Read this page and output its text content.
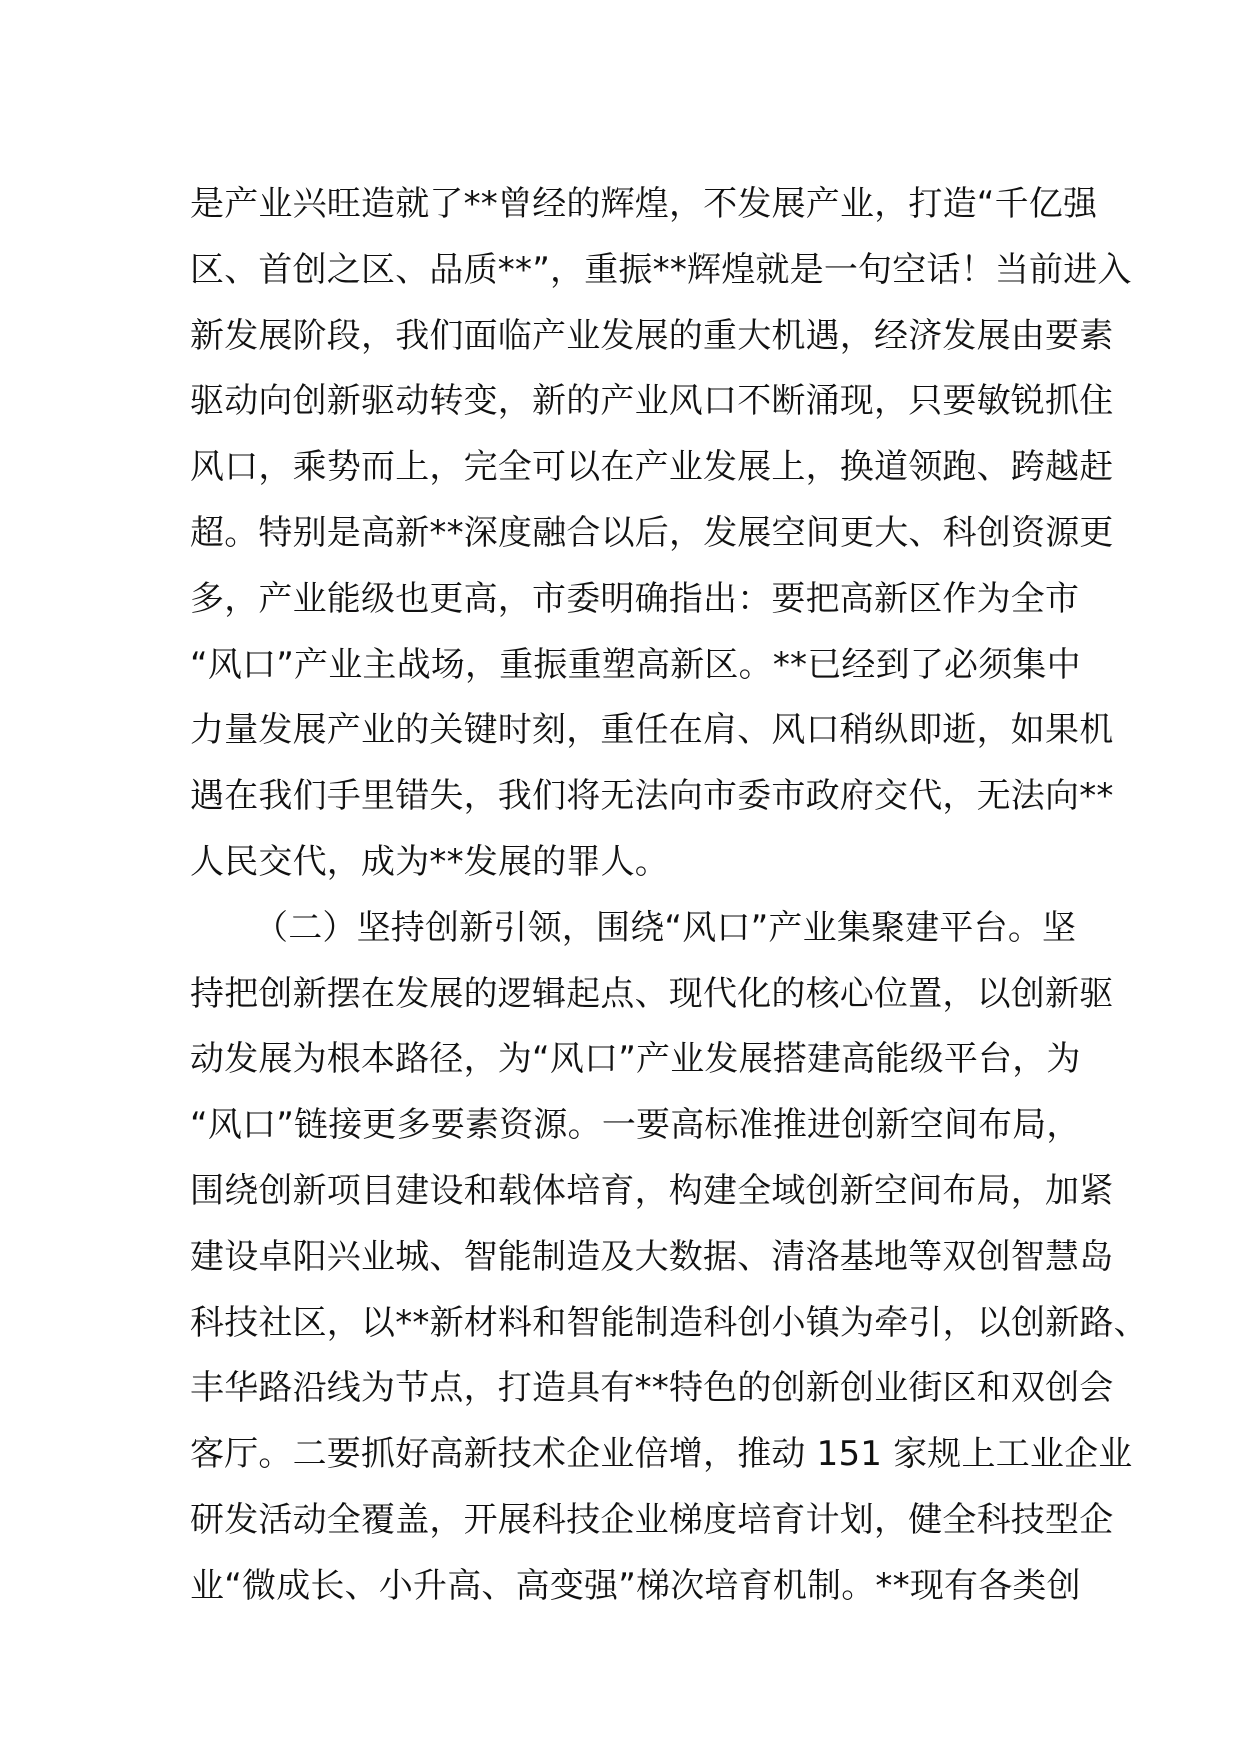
是产业兴旺造就了**曾经的辉煌，不发展产业，打造“千亿强
区、首创之区、品质**”，重振**辉煌就是一句空话！当前进入
新发展阶段，我们面临产业发展的重大机遇，经济发展由要素
驱动向创新驱动转变，新的产业风口不断涌现，只要敏锐抓住
风口，乘势而上，完全可以在产业发展上，换道领跑、跨越赶
超。特别是高新**深度融合以后，发展空间更大、科创资源更
多，产业能级也更高，市委明确指出：要把高新区作为全市
“风口”产业主战场，重振重塑高新区。**已经到了必须集中
力量发展产业的关键时刻，重任在肩、风口稍纵即逝，如果机
遇在我们手里错失，我们将无法向市委市政府交代，无法向**
人民交代，成为**发展的罪人。
（二）坚持创新引领，围绕“风口”产业集聚建平台。坚
持把创新摆在发展的逻辑起点、现代化的核心位置，以创新驱
动发展为根本路径，为“风口”产业发展搭建高能级平台，为
“风口”链接更多要素资源。一要高标准推进创新空间布局，
围绕创新项目建设和载体培育，构建全域创新空间布局，加紧
建设卓阳兴业城、智能制造及大数据、清洛基地等双创智慧岛
科技社区，以**新材料和智能制造科创小镇为牵引，以创新路、
丰华路沿线为节点，打造具有**特色的创新创业街区和双创会
客厅。二要抓好高新技术企业倍增，推动 151 家规上工业企业
研发活动全覆盖，开展科技企业梯度培育计划，健全科技型企
业“微成长、小升高、高变强”梯次培育机制。**现有各类创
